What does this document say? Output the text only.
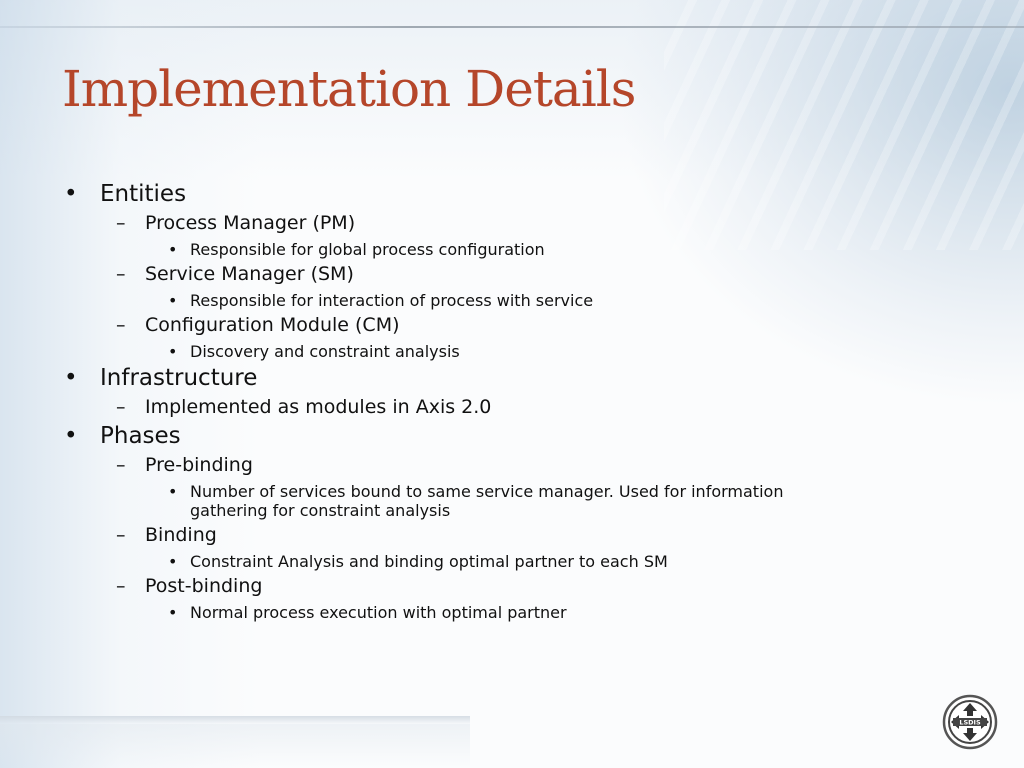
Implementation Details
• Entities
– Process Manager (PM)
• Responsible for global process configuration
– Service Manager (SM)
• Responsible for interaction of process with service
– Configuration Module (CM)
• Discovery and constraint analysis
• Infrastructure
– Implemented as modules in Axis 2.0
• Phases
– Pre-binding
• Number of services bound to same service manager. Used for information
gathering for constraint analysis
– Binding
• Constraint Analysis and binding optimal partner to each SM
– Post-binding
• Normal process execution with optimal partner
LSDIS
